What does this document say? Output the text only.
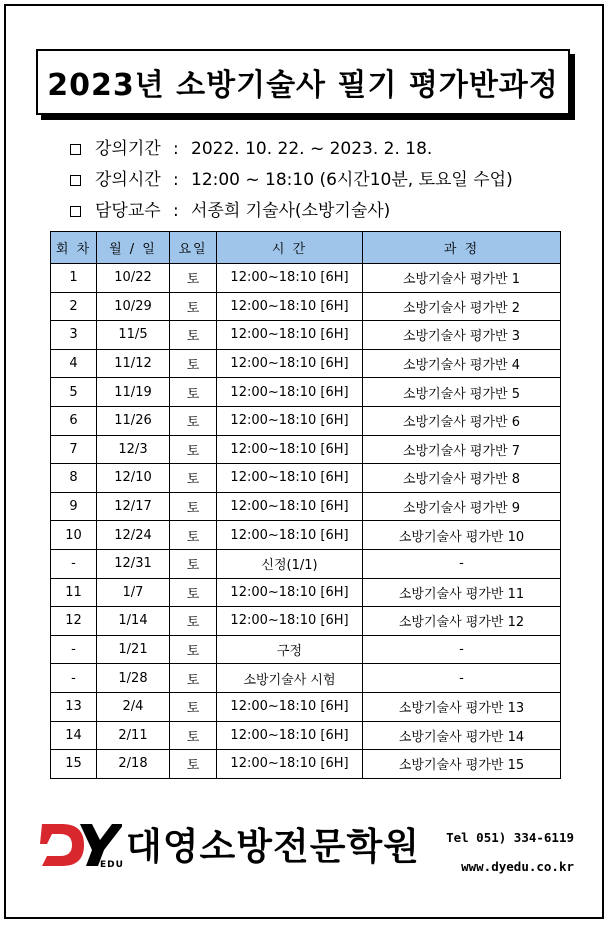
2023년 소방기술사 필기 평가반과정
강의기간 : 2022. 10. 22. ~ 2023. 2. 18.
강의시간 : 12:00 ~ 18:10 (6시간10분, 토요일 수업)
담당교수 : 서종희 기술사(소방기술사)
회 차	월 / 일	요일	시 간	과 정
1	10/22	토	12:00~18:10 [6H]	소방기술사 평가반 1
2	10/29	토	12:00~18:10 [6H]	소방기술사 평가반 2
3	11/5	토	12:00~18:10 [6H]	소방기술사 평가반 3
4	11/12	토	12:00~18:10 [6H]	소방기술사 평가반 4
5	11/19	토	12:00~18:10 [6H]	소방기술사 평가반 5
6	11/26	토	12:00~18:10 [6H]	소방기술사 평가반 6
7	12/3	토	12:00~18:10 [6H]	소방기술사 평가반 7
8	12/10	토	12:00~18:10 [6H]	소방기술사 평가반 8
9	12/17	토	12:00~18:10 [6H]	소방기술사 평가반 9
10	12/24	토	12:00~18:10 [6H]	소방기술사 평가반 10
-	12/31	토	신정(1/1)	-
11	1/7	토	12:00~18:10 [6H]	소방기술사 평가반 11
12	1/14	토	12:00~18:10 [6H]	소방기술사 평가반 12
-	1/21	토	구정	-
-	1/28	토	소방기술사 시험	-
13	2/4	토	12:00~18:10 [6H]	소방기술사 평가반 13
14	2/11	토	12:00~18:10 [6H]	소방기술사 평가반 14
15	2/18	토	12:00~18:10 [6H]	소방기술사 평가반 15
EDU 대영소방전문학원 Tel 051) 334-6119
www.dyedu.co.kr
